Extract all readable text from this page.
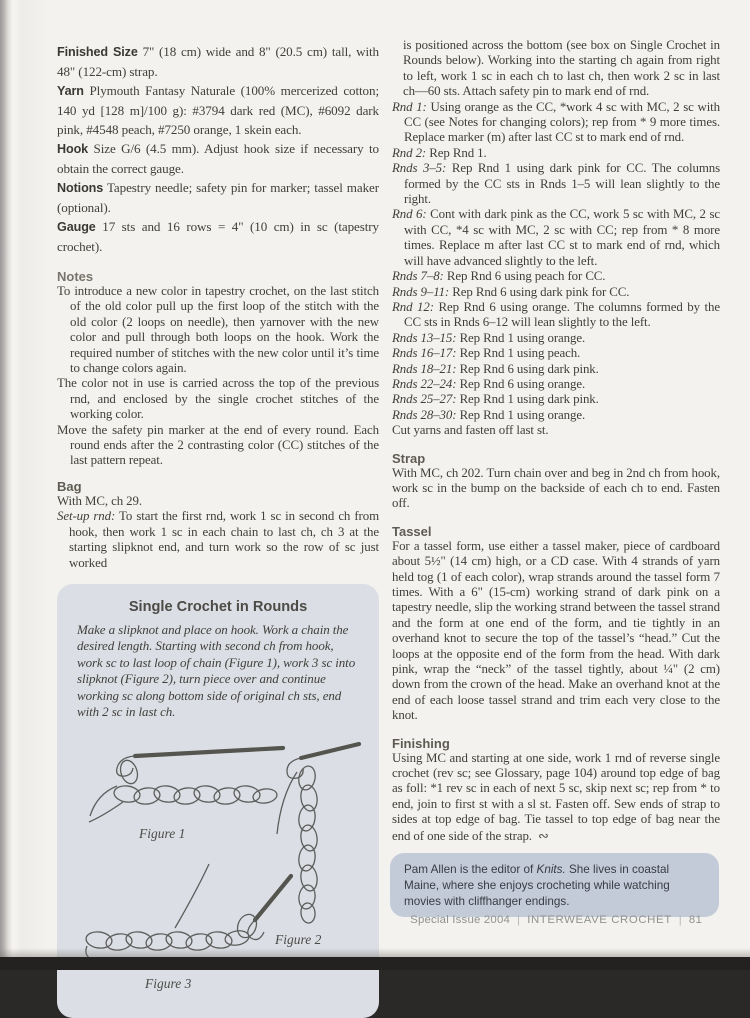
Finished Size 7" (18 cm) wide and 8" (20.5 cm) tall, with 48" (122-cm) strap.

Yarn Plymouth Fantasy Naturale (100% mercerized cotton; 140 yd [128 m]/100 g): #3794 dark red (MC), #6092 dark pink, #4548 peach, #7250 orange, 1 skein each.

Hook Size G/6 (4.5 mm). Adjust hook size if necessary to obtain the correct gauge.

Notions Tapestry needle; safety pin for marker; tassel maker (optional).

Gauge 17 sts and 16 rows = 4" (10 cm) in sc (tapestry crochet).

Notes

To introduce a new color in tapestry crochet, on the last stitch of the old color pull up the first loop of the stitch with the old color (2 loops on needle), then yarnover with the new color and pull through both loops on the hook. Work the required number of stitches with the new color until it’s time to change colors again.

The color not in use is carried across the top of the previous rnd, and enclosed by the single crochet stitches of the working color.

Move the safety pin marker at the end of every round. Each round ends after the 2 contrasting color (CC) stitches of the last pattern repeat.

Bag

With MC, ch 29.

Set-up rnd: To start the first rnd, work 1 sc in second ch from hook, then work 1 sc in each chain to last ch, ch 3 at the starting slipknot end, and turn work so the row of sc just worked

Single Crochet in Rounds

Make a slipknot and place on hook. Work a chain the desired length. Starting with second ch from hook, work sc to last loop of chain (Figure 1), work 3 sc into slipknot (Figure 2), turn piece over and continue working sc along bottom side of original ch sts, end with 2 sc in last ch.

Figure 1
Figure 2
Figure 3

is positioned across the bottom (see box on Single Crochet in Rounds below). Working into the starting ch again from right to left, work 1 sc in each ch to last ch, then work 2 sc in last ch—60 sts. Attach safety pin to mark end of rnd.

Rnd 1: Using orange as the CC, *work 4 sc with MC, 2 sc with CC (see Notes for changing colors); rep from * 9 more times. Replace marker (m) after last CC st to mark end of rnd.

Rnd 2: Rep Rnd 1.

Rnds 3–5: Rep Rnd 1 using dark pink for CC. The columns formed by the CC sts in Rnds 1–5 will lean slightly to the right.

Rnd 6: Cont with dark pink as the CC, work 5 sc with MC, 2 sc with CC, *4 sc with MC, 2 sc with CC; rep from * 8 more times. Replace m after last CC st to mark end of rnd, which will have advanced slightly to the left.

Rnds 7–8: Rep Rnd 6 using peach for CC.

Rnds 9–11: Rep Rnd 6 using dark pink for CC.

Rnd 12: Rep Rnd 6 using orange. The columns formed by the CC sts in Rnds 6–12 will lean slightly to the left.

Rnds 13–15: Rep Rnd 1 using orange.

Rnds 16–17: Rep Rnd 1 using peach.

Rnds 18–21: Rep Rnd 6 using dark pink.

Rnds 22–24: Rep Rnd 6 using orange.

Rnds 25–27: Rep Rnd 1 using dark pink.

Rnds 28–30: Rep Rnd 1 using orange.

Cut yarns and fasten off last st.

Strap

With MC, ch 202. Turn chain over and beg in 2nd ch from hook, work sc in the bump on the backside of each ch to end. Fasten off.

Tassel

For a tassel form, use either a tassel maker, piece of cardboard about 5½" (14 cm) high, or a CD case. With 4 strands of yarn held tog (1 of each color), wrap strands around the tassel form 7 times. With a 6" (15-cm) working strand of dark pink on a tapestry needle, slip the working strand between the tassel strand and the form at one end of the form, and tie tightly in an overhand knot to secure the top of the tassel’s “head.” Cut the loops at the opposite end of the form from the head. With dark pink, wrap the “neck” of the tassel tightly, about ¼" (2 cm) down from the crown of the head. Make an overhand knot at the end of each loose tassel strand and trim each very close to the knot.

Finishing

Using MC and starting at one side, work 1 rnd of reverse single crochet (rev sc; see Glossary, page 104) around top edge of bag as foll: *1 rev sc in each of next 5 sc, skip next sc; rep from * to end, join to first st with a sl st. Fasten off. Sew ends of strap to sides at top edge of bag. Tie tassel to top edge of bag near the end of one side of the strap. ∾

Pam Allen is the editor of Knits. She lives in coastal Maine, where she enjoys crocheting while watching movies with cliffhanger endings.
Special Issue 2004 | INTERWEAVE CROCHET | 81
